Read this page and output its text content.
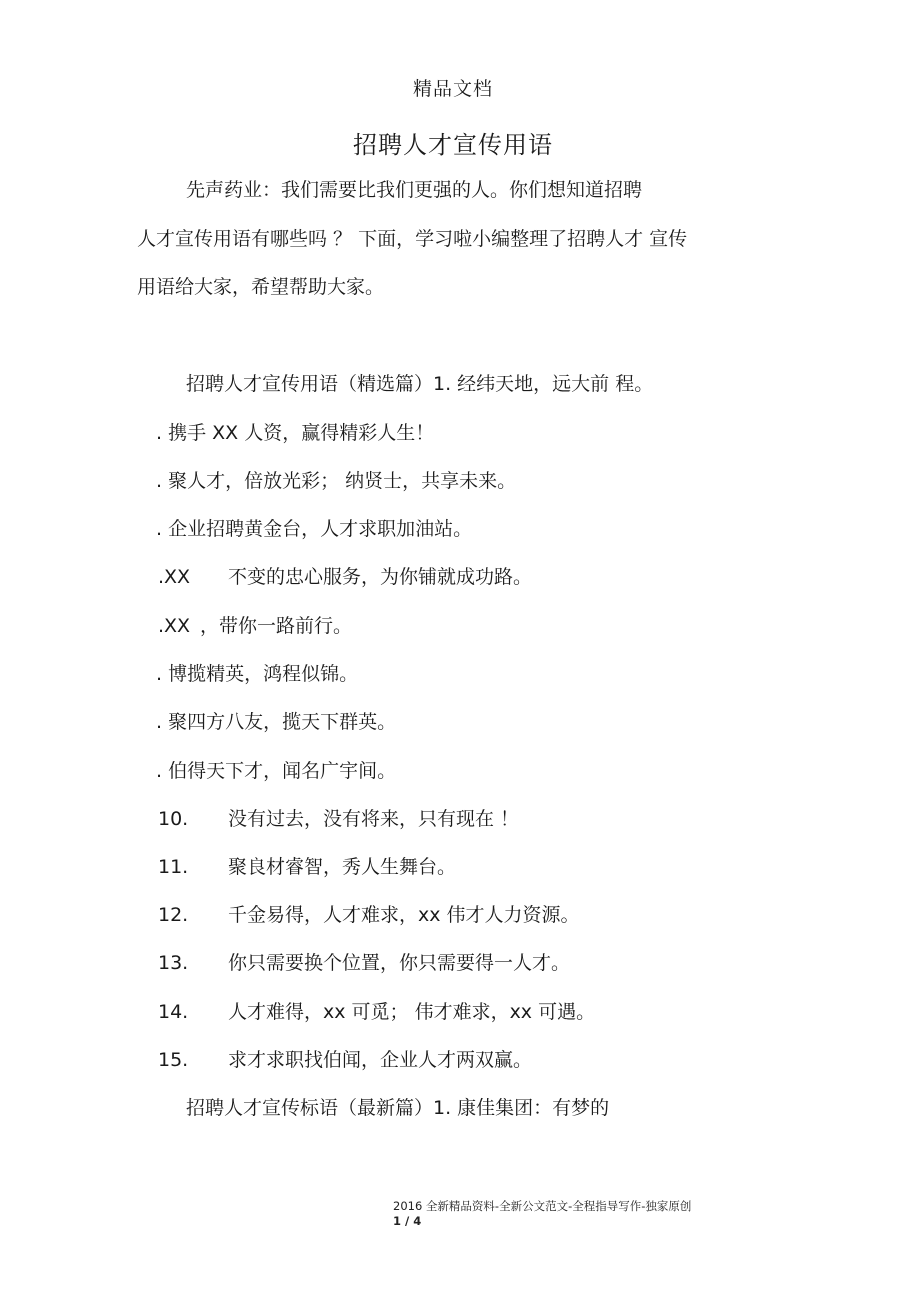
精品文档
招聘人才宣传用语
先声药业：我们需要比我们更强的人。你们想知道招聘
人才宣传用语有哪些吗 ？ 下面，学习啦小编整理了招聘人才 宣传
用语给大家，希望帮助大家。
招聘人才宣传用语（精选篇）1. 经纬天地，远大前 程。
. 携手 XX 人资，赢得精彩人生！
. 聚人才，倍放光彩； 纳贤士，共享未来。
. 企业招聘黄金台，人才求职加油站。
.XX 不变的忠心服务，为你铺就成功路。
.XX ，带你一路前行。
. 博揽精英，鸿程似锦。
. 聚四方八友，揽天下群英。
. 伯得天下才，闻名广宇间。
10. 没有过去，没有将来，只有现在 ！
11. 聚良材睿智，秀人生舞台。
12. 千金易得，人才难求，xx 伟才人力资源。
13. 你只需要换个位置，你只需要得一人才。
14. 人才难得，xx 可觅； 伟才难求，xx 可遇。
15. 求才求职找伯闻，企业人才两双赢。
招聘人才宣传标语（最新篇）1. 康佳集团：有梦的
2016 全新精品资料-全新公文范文-全程指导写作-独家原创
1 / 4
